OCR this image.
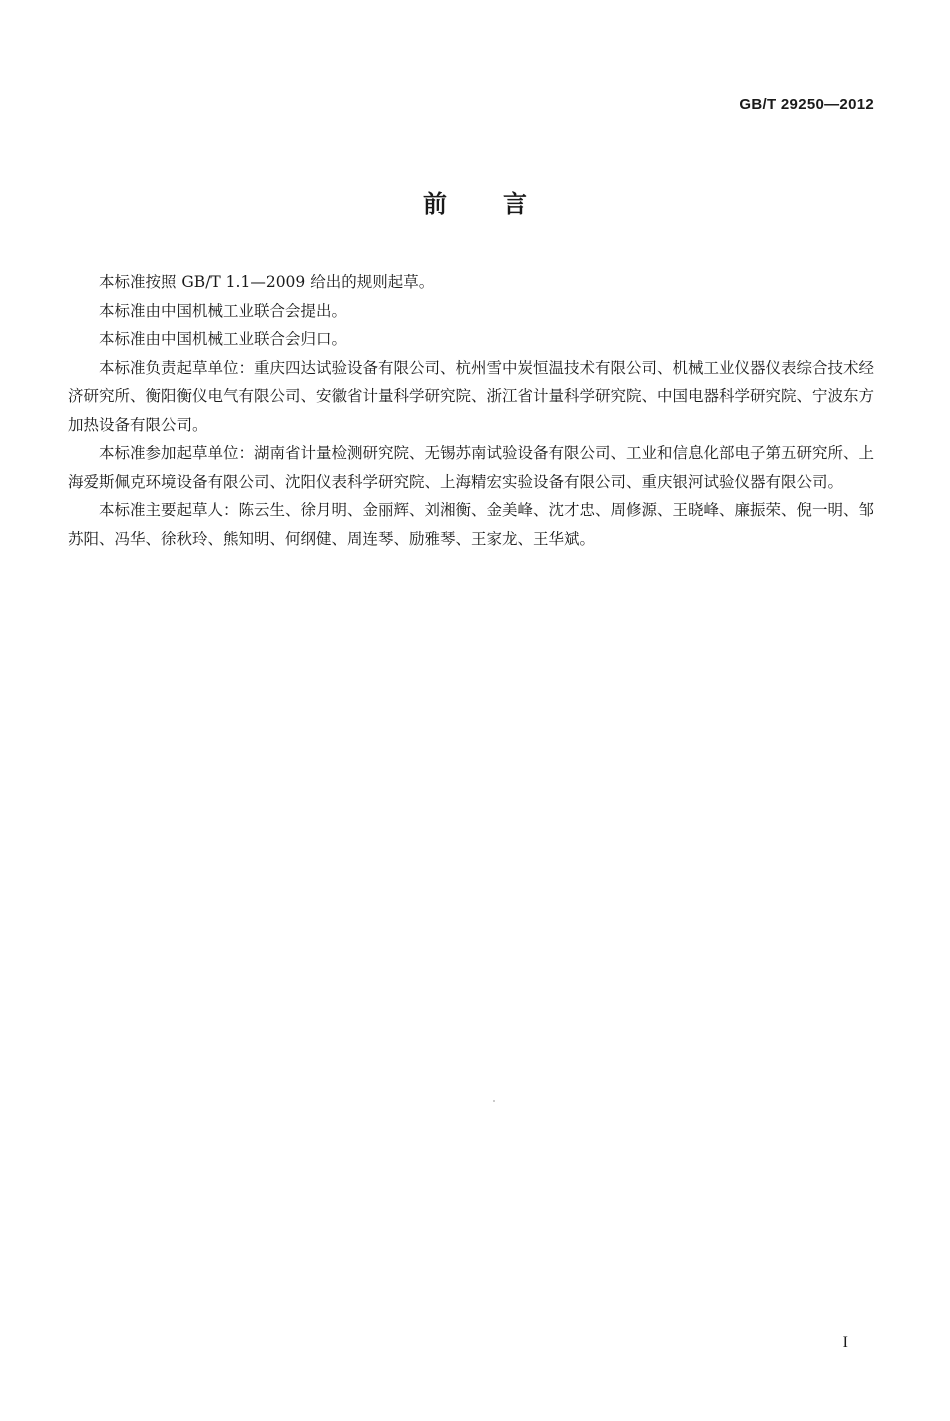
GB/T 29250—2012
前言

本标准按照 GB/T 1.1—2009 给出的规则起草。

本标准由中国机械工业联合会提出。

本标准由中国机械工业联合会归口。

本标准负责起草单位：重庆四达试验设备有限公司、杭州雪中炭恒温技术有限公司、机械工业仪器仪表综合技术经济研究所、衡阳衡仪电气有限公司、安徽省计量科学研究院、浙江省计量科学研究院、中国电器科学研究院、宁波东方加热设备有限公司。

本标准参加起草单位：湖南省计量检测研究院、无锡苏南试验设备有限公司、工业和信息化部电子第五研究所、上海爱斯佩克环境设备有限公司、沈阳仪表科学研究院、上海精宏实验设备有限公司、重庆银河试验仪器有限公司。

本标准主要起草人：陈云生、徐月明、金丽辉、刘湘衡、金美峰、沈才忠、周修源、王晓峰、廉振荣、倪一明、邹苏阳、冯华、徐秋玲、熊知明、何纲健、周连琴、励雅琴、王家龙、王华斌。

I
